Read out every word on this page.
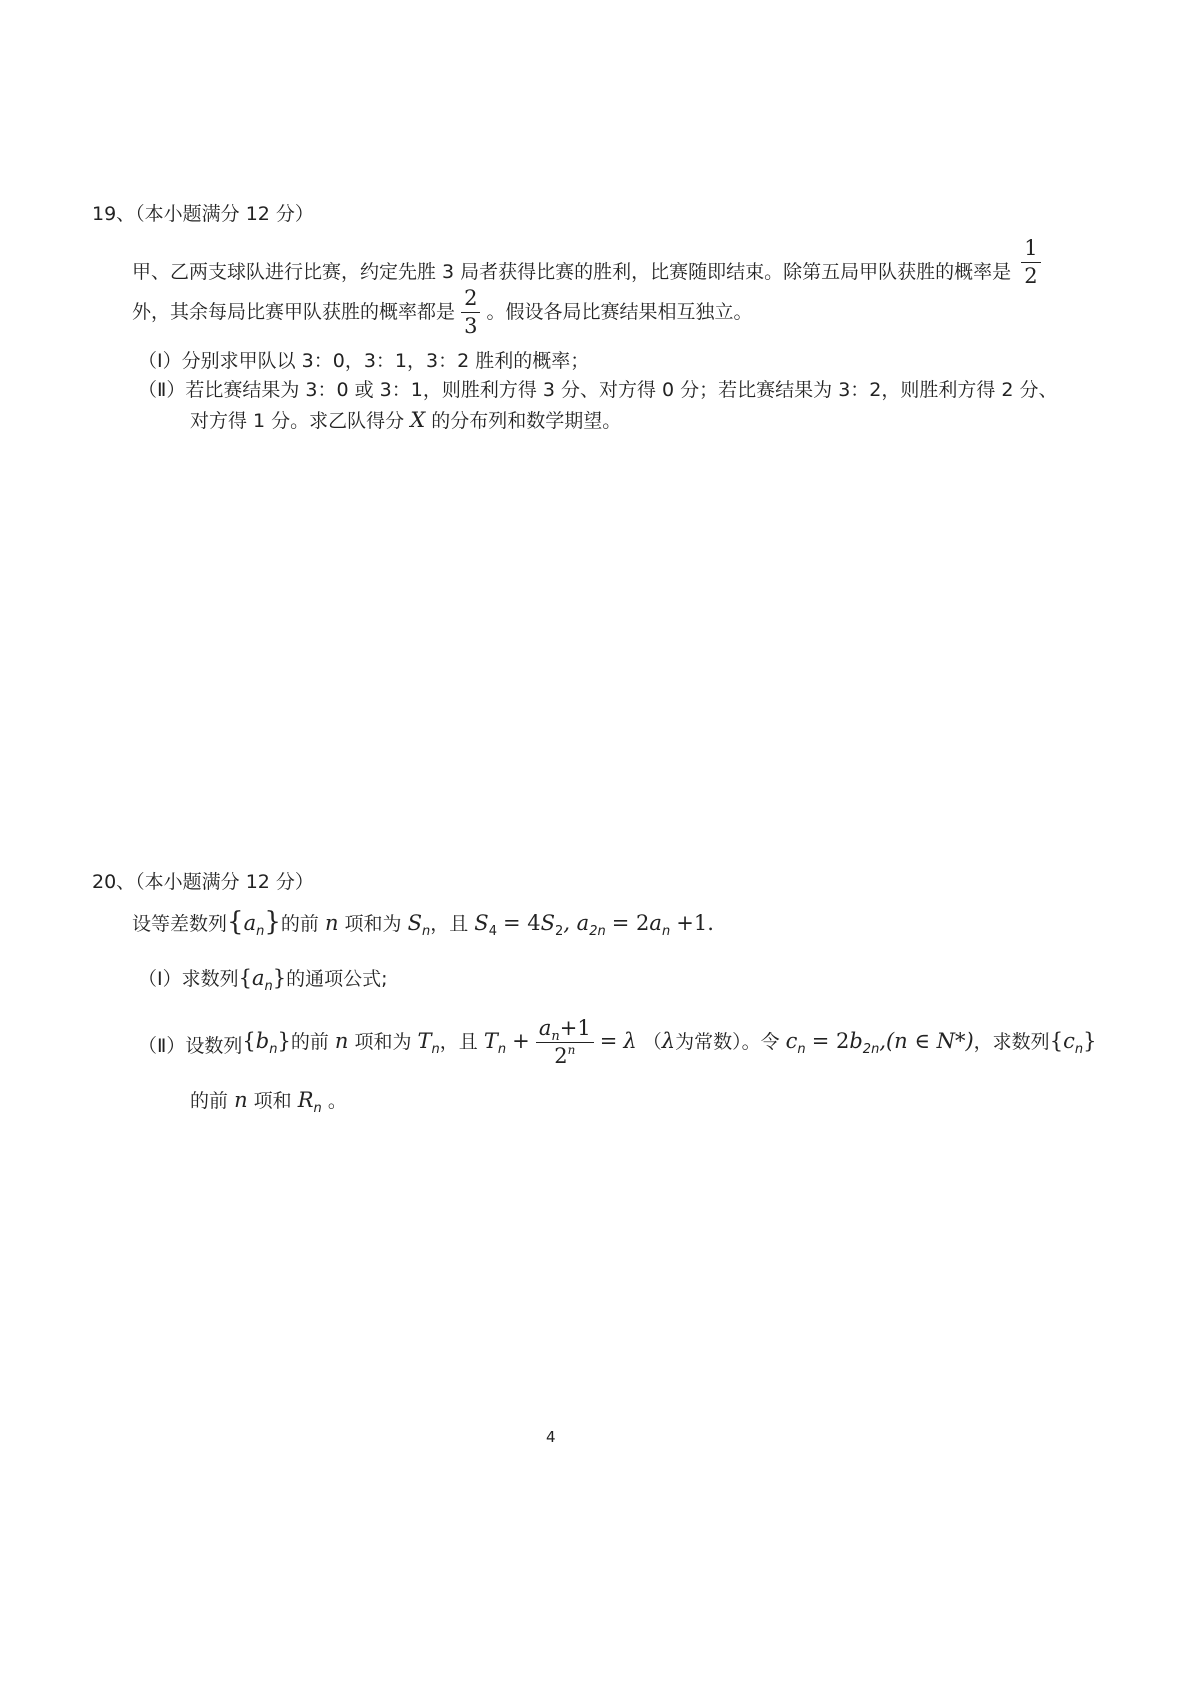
19、（本小题满分 12 分）
甲、乙两支球队进行比赛，约定先胜 3 局者获得比赛的胜利，比赛随即结束。除第五局甲队获胜的概率是 $\frac{1}{2}$
外，其余每局比赛甲队获胜的概率都是 $\frac{2}{3}$ 。假设各局比赛结果相互独立。
（Ⅰ）分别求甲队以 3：0，3：1，3：2 胜利的概率；
（Ⅱ）若比赛结果为 3：0 或 3：1，则胜利方得 3 分、对方得 0 分；若比赛结果为 3：2，则胜利方得 2 分、
对方得 1 分。求乙队得分 X 的分布列和数学期望。
20、（本小题满分 12 分）
设等差数列$\{a_n\}$的前 n 项和为 $S_n$，且 $S_4 = 4S_2$, $a_{2n} = 2a_n +1$.
（Ⅰ）求数列$\{a_n\}$的通项公式;
（Ⅱ）设数列$\{b_n\}$的前 n 项和为 $T_n$，且 $T_n + \frac{a_n+1}{2^n} = \lambda$ （λ为常数）。令 $c_n = 2b_{2n},(n$ ∈ N*)，求数列$\{c_n\}$
的前 n 项和 $R_n$ 。
4
